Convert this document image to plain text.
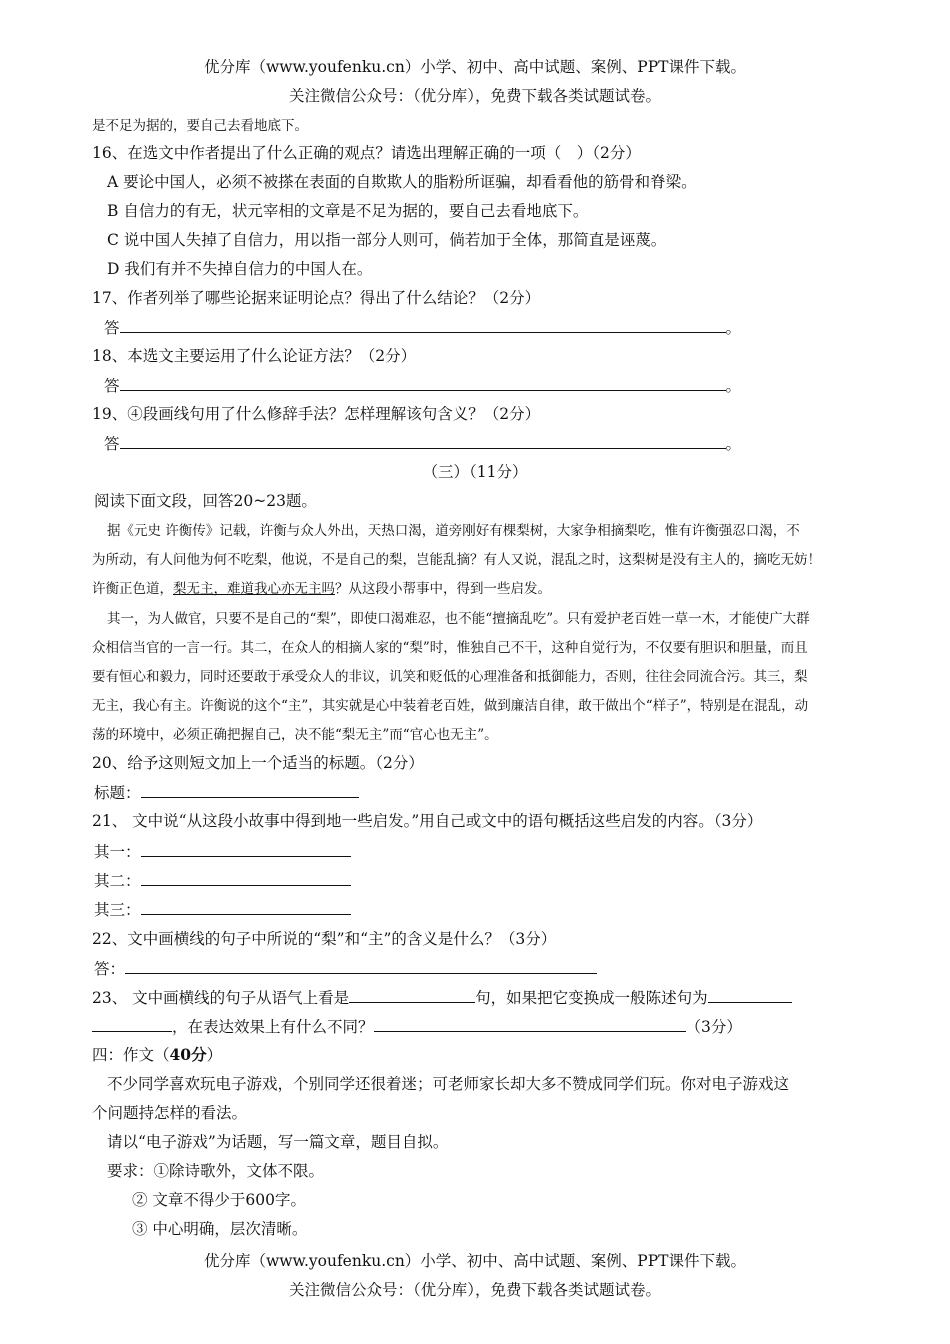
优分库（www.youfenku.cn）小学、初中、高中试题、案例、PPT课件下载。
关注微信公众号：（优分库），免费下载各类试题试卷。
是不足为据的，要自己去看地底下。
16、在选文中作者提出了什么正确的观点？请选出理解正确的一项（　）（2分）
A 要论中国人，必须不被搽在表面的自欺欺人的脂粉所诓骗，却看看他的筋骨和脊梁。
B 自信力的有无，状元宰相的文章是不足为据的，要自己去看地底下。
C 说中国人失掉了自信力，用以指一部分人则可，倘若加于全体，那简直是诬蔑。
D 我们有并不失掉自信力的中国人在。
17、作者列举了哪些论据来证明论点？得出了什么结论？（2分）
答	。
18、本选文主要运用了什么论证方法？（2分）
答	。
19、④段画线句用了什么修辞手法？怎样理解该句含义？（2分）
答	。
（三）（11分）
阅读下面文段，回答20~23题。
据《元史 许衡传》记载，许衡与众人外出，天热口渴，道旁刚好有棵梨树，大家争相摘梨吃，惟有许衡强忍口渴，不
为所动，有人问他为何不吃梨，他说，不是自己的梨，岂能乱摘？有人又说，混乱之时，这梨树是没有主人的，摘吃无妨！
许衡正色道，梨无主，难道我心亦无主吗？从这段小帮事中，得到一些启发。
其一，为人做官，只要不是自己的“梨”，即使口渴难忍，也不能“擅摘乱吃”。只有爱护老百姓一草一木，才能使广大群
众相信当官的一言一行。其二，在众人的相摘人家的“梨”时，惟独自己不干，这种自觉行为，不仅要有胆识和胆量，而且
要有恒心和毅力，同时还要敢于承受众人的非议，讥笑和贬低的心理准备和抵御能力，否则，往往会同流合污。其三，梨
无主，我心有主。许衡说的这个“主”，其实就是心中装着老百姓，做到廉洁自律，敢干做出个“样子”，特别是在混乱，动
荡的环境中，必须正确把握自己，决不能“梨无主”而“官心也无主”。
20、给予这则短文加上一个适当的标题。（2分）
标题：
21、 文中说“从这段小故事中得到地一些启发。”用自己或文中的语句概括这些启发的内容。（3分）
其一：
其二：
其三：
22、文中画横线的句子中所说的“梨”和“主”的含义是什么？（3分）
答：
23、 文中画横线的句子从语气上看是	句，如果把它变换成一般陈述句为
，在表达效果上有什么不同？	（3分）
四：作文（40分）
不少同学喜欢玩电子游戏，个别同学还很着迷；可老师家长却大多不赞成同学们玩。你对电子游戏这
个问题持怎样的看法。
请以“电子游戏”为话题，写一篇文章，题目自拟。
要求：①除诗歌外，文体不限。
② 文章不得少于600字。
③ 中心明确，层次清晰。
优分库（www.youfenku.cn）小学、初中、高中试题、案例、PPT课件下载。
关注微信公众号：（优分库），免费下载各类试题试卷。
